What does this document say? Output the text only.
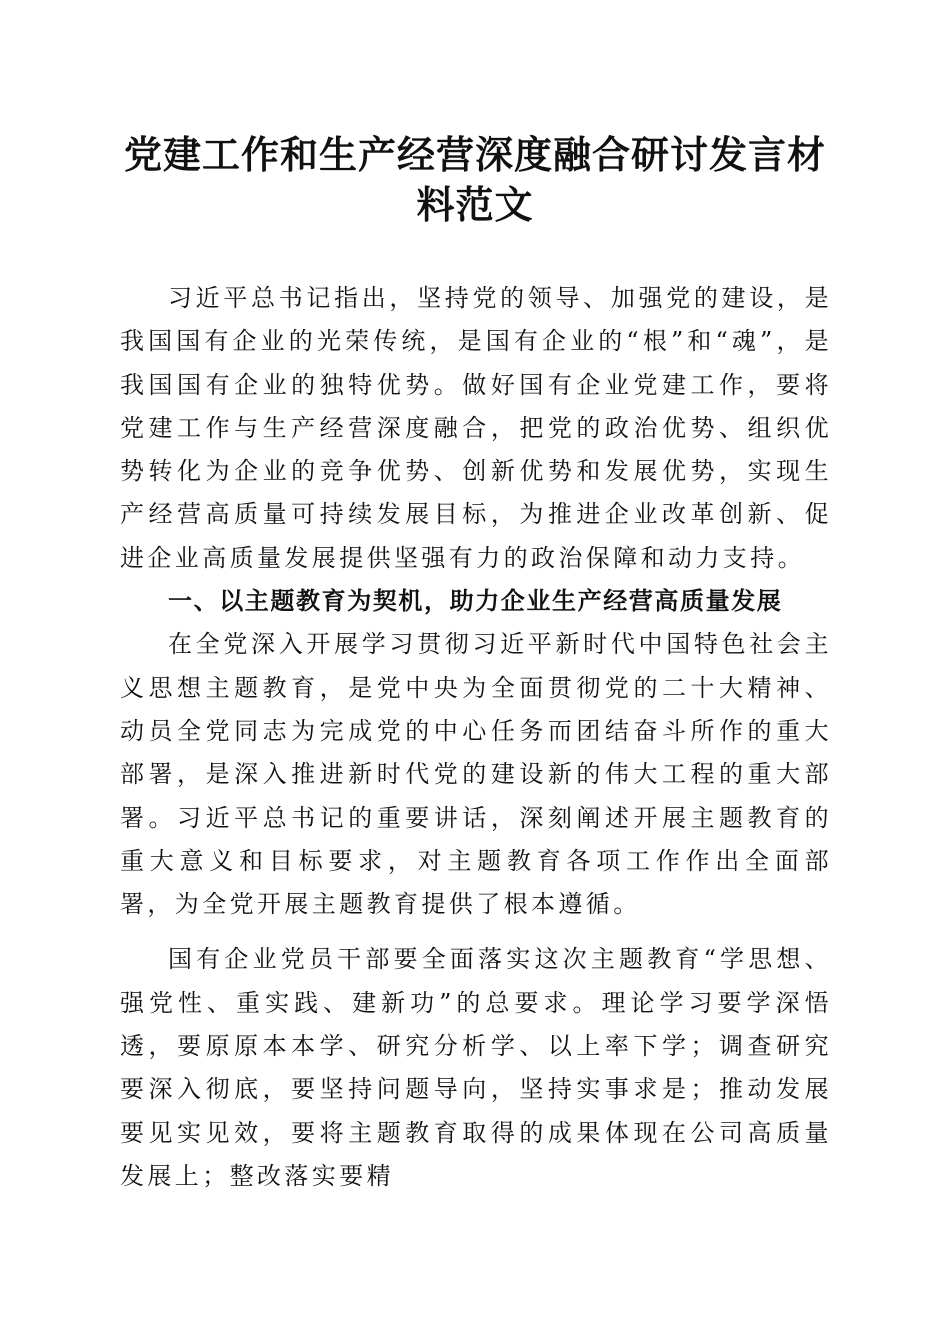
党建工作和生产经营深度融合研讨发言材料范文

习近平总书记指出，坚持党的领导、加强党的建设，是我国国有企业的光荣传统，是国有企业的“根”和“魂”，是我国国有企业的独特优势。做好国有企业党建工作，要将党建工作与生产经营深度融合，把党的政治优势、组织优势转化为企业的竞争优势、创新优势和发展优势，实现生产经营高质量可持续发展目标，为推进企业改革创新、促进企业高质量发展提供坚强有力的政治保障和动力支持。

一、以主题教育为契机，助力企业生产经营高质量发展

在全党深入开展学习贯彻习近平新时代中国特色社会主义思想主题教育，是党中央为全面贯彻党的二十大精神、动员全党同志为完成党的中心任务而团结奋斗所作的重大部署，是深入推进新时代党的建设新的伟大工程的重大部署。习近平总书记的重要讲话，深刻阐述开展主题教育的重大意义和目标要求，对主题教育各项工作作出全面部署，为全党开展主题教育提供了根本遵循。

国有企业党员干部要全面落实这次主题教育“学思想、强党性、重实践、建新功”的总要求。理论学习要学深悟透，要原原本本学、研究分析学、以上率下学；调查研究要深入彻底，要坚持问题导向，坚持实事求是；推动发展要见实见效，要将主题教育取得的成果体现在公司高质量发展上；整改落实要精
